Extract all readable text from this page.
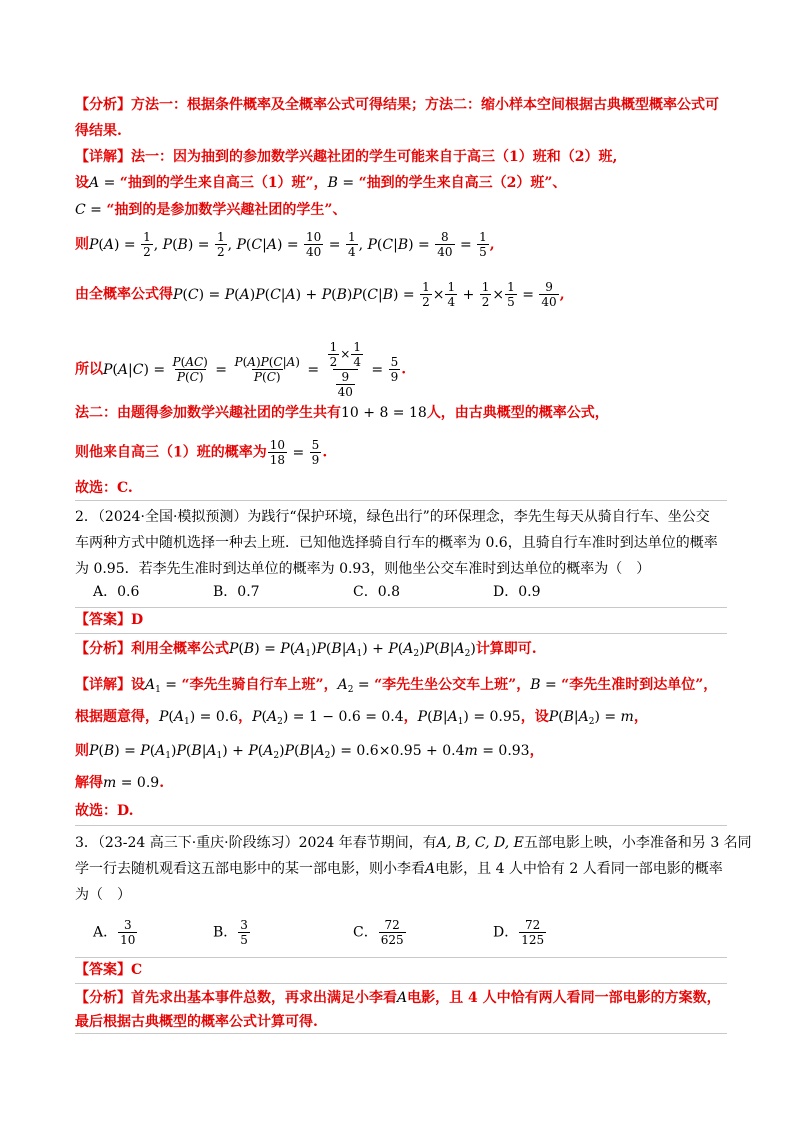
【分析】方法一：根据条件概率及全概率公式可得结果；方法二：缩小样本空间根据古典概型概率公式可
得结果.
【详解】法一：因为抽到的参加数学兴趣社团的学生可能来自于高三（1）班和（2）班,
设A = “抽到的学生来自高三（1）班”，B = “抽到的学生来自高三（2）班”、
C = “抽到的是参加数学兴趣社团的学生”、
则$P(A) = \frac{1}{2}$ , $P(B) = \frac{1}{2}$ , $P(C|A) = \frac{10}{40} = \frac{1}{4}$ , $P(C|B) = \frac{8}{40} = \frac{1}{5}$ ,
由全概率公式得$P(C) = P(A)P(C|A) + P(B)P(C|B) = \frac{1}{2} \times \frac{1}{4} + \frac{1}{2} \times \frac{1}{5} = \frac{9}{40}$ ,
所以$P(A|C) = \frac{P(AC)}{P(C)} = \frac{P(A)P(C|A)}{P(C)} = \frac{\frac{1}{2} \times \frac{1}{4}}{\frac{9}{40}} = \frac{5}{9}$ .
法二：由题得参加数学兴趣社团的学生共有10 + 8 = 18人，由古典概型的概率公式，
则他来自高三（1）班的概率为 $\frac{10}{18} = \frac{5}{9}$ .
故选：C.
2．（2024·全国·模拟预测）为践行“保护环境，绿色出行”的环保理念，李先生每天从骑自行车、坐公交
车两种方式中随机选择一种去上班．已知他选择骑自行车的概率为 0.6，且骑自行车准时到达单位的概率
为 0.95．若李先生准时到达单位的概率为 0.93，则他坐公交车准时到达单位的概率为（　）
A．0.6	B．0.7	C．0.8	D．0.9
【答案】D
【分析】利用全概率公式$P(B) = P(A_1)P(B|A_1) + P(A_2)P(B|A_2)$计算即可.
【详解】设$A_1$ = “李先生骑自行车上班”，$A_2$ = “李先生坐公交车上班”，B = “李先生准时到达单位”，
根据题意得，$P(A_1) = 0.6$，$P(A_2) = 1 - 0.6 = 0.4$，$P(B|A_1) = 0.95$，设$P(B|A_2) = m$，
则$P(B) = P(A_1)P(B|A_1) + P(A_2)P(B|A_2) = 0.6\times 0.95 + 0.4m = 0.93$，
解得m = 0.9.
故选：D.
3．（23-24 高三下·重庆·阶段练习）2024 年春节期间，有A, B, C, D, E五部电影上映，小李准备和另 3 名同
学一行去随机观看这五部电影中的某一部电影，则小李看A电影，且 4 人中恰有 2 人看同一部电影的概率
为（　）
A． $\frac{3}{10}$	B． $\frac{3}{5}$	C． $\frac{72}{625}$	D． $\frac{72}{125}$
【答案】C
【分析】首先求出基本事件总数，再求出满足小李看A电影，且 4 人中恰有两人看同一部电影的方案数，
最后根据古典概型的概率公式计算可得.
